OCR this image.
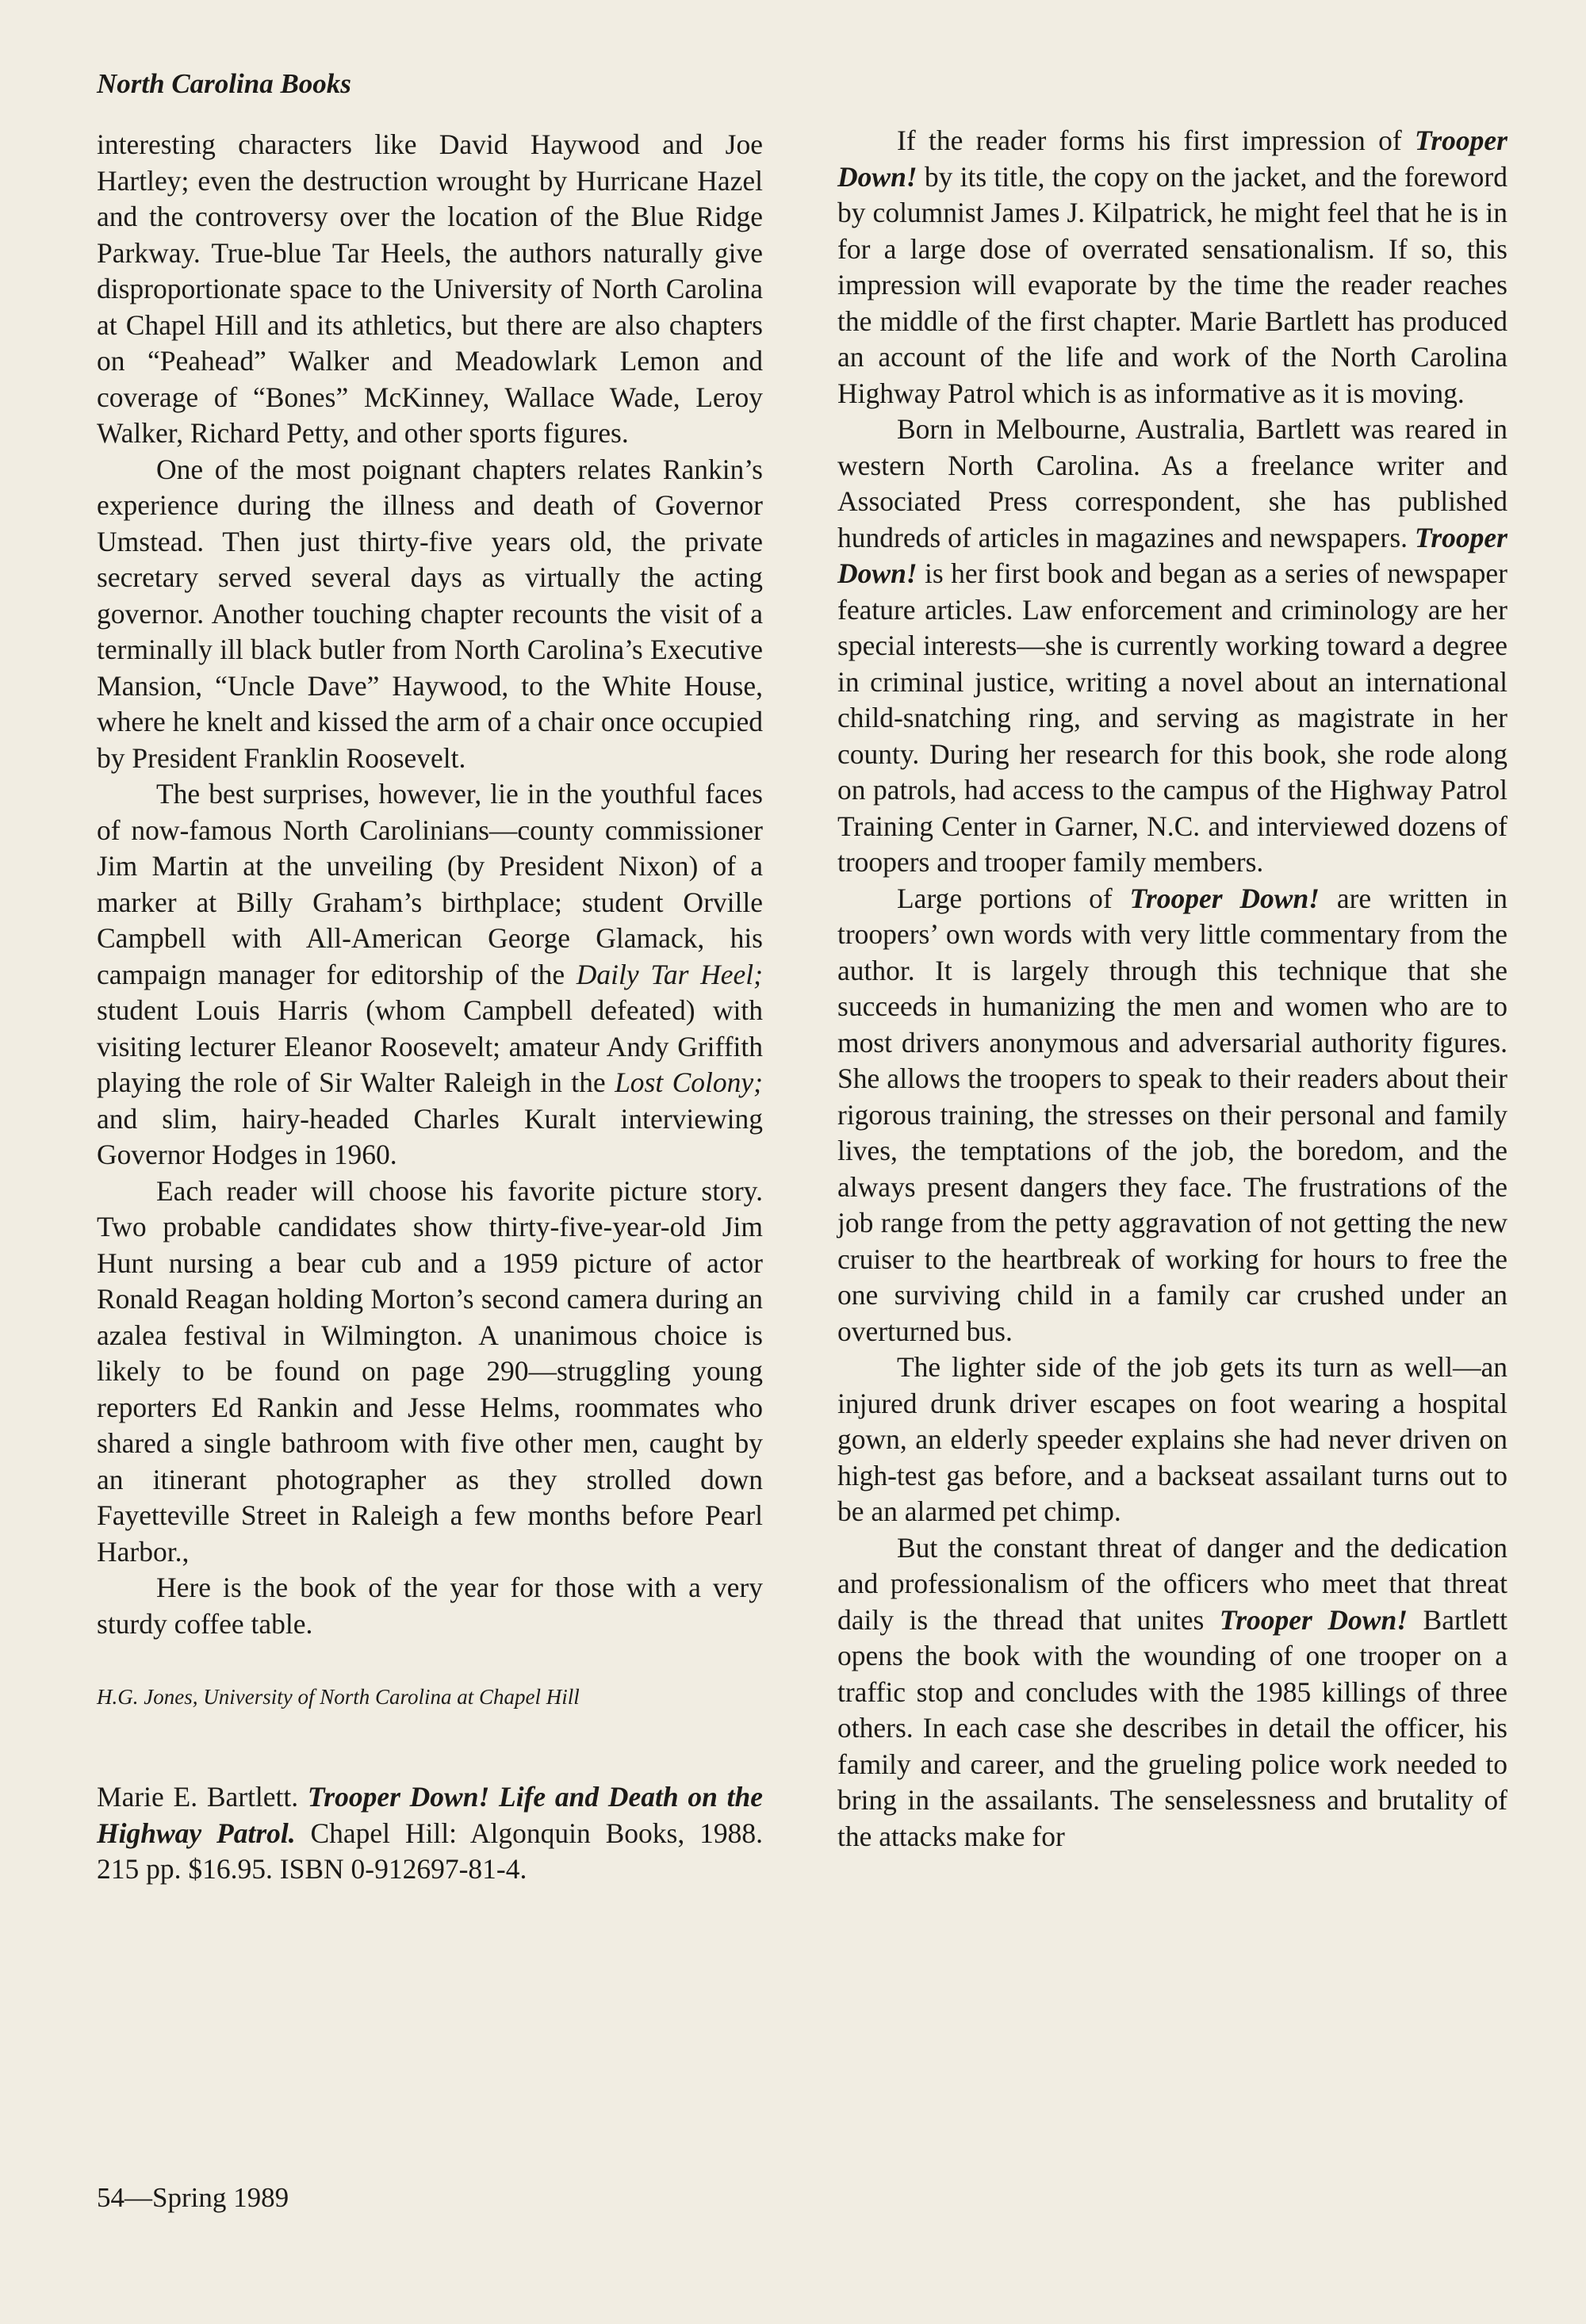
North Carolina Books

interesting characters like David Haywood and Joe Hartley; even the destruction wrought by Hurricane Hazel and the controversy over the location of the Blue Ridge Parkway. True-blue Tar Heels, the authors naturally give disproportionate space to the University of North Carolina at Chapel Hill and its athletics, but there are also chapters on “Peahead” Walker and Meadowlark Lemon and coverage of “Bones” McKinney, Wallace Wade, Leroy Walker, Richard Petty, and other sports figures.

One of the most poignant chapters relates Rankin’s experience during the illness and death of Governor Umstead. Then just thirty-five years old, the private secretary served several days as virtually the acting governor. Another touching chapter recounts the visit of a terminally ill black butler from North Carolina’s Executive Mansion, “Uncle Dave” Haywood, to the White House, where he knelt and kissed the arm of a chair once occupied by President Franklin Roosevelt.

The best surprises, however, lie in the youthful faces of now-famous North Carolinians—county commissioner Jim Martin at the unveiling (by President Nixon) of a marker at Billy Graham’s birthplace; student Orville Campbell with All-American George Glamack, his campaign manager for editorship of the Daily Tar Heel; student Louis Harris (whom Campbell defeated) with visiting lecturer Eleanor Roosevelt; amateur Andy Griffith playing the role of Sir Walter Raleigh in the Lost Colony; and slim, hairy-headed Charles Kuralt interviewing Governor Hodges in 1960.

Each reader will choose his favorite picture story. Two probable candidates show thirty-five-year-old Jim Hunt nursing a bear cub and a 1959 picture of actor Ronald Reagan holding Morton’s second camera during an azalea festival in Wilmington. A unanimous choice is likely to be found on page 290—struggling young reporters Ed Rankin and Jesse Helms, roommates who shared a single bathroom with five other men, caught by an itinerant photographer as they strolled down Fayetteville Street in Raleigh a few months before Pearl Harbor.,

Here is the book of the year for those with a very sturdy coffee table.

H.G. Jones, University of North Carolina at Chapel Hill

Marie E. Bartlett. Trooper Down! Life and Death on the Highway Patrol. Chapel Hill: Algonquin Books, 1988. 215 pp. $16.95. ISBN 0-912697-81-4.

If the reader forms his first impression of Trooper Down! by its title, the copy on the jacket, and the foreword by columnist James J. Kilpatrick, he might feel that he is in for a large dose of overrated sensationalism. If so, this impression will evaporate by the time the reader reaches the middle of the first chapter. Marie Bartlett has produced an account of the life and work of the North Carolina Highway Patrol which is as informative as it is moving.

Born in Melbourne, Australia, Bartlett was reared in western North Carolina. As a freelance writer and Associated Press correspondent, she has published hundreds of articles in magazines and newspapers. Trooper Down! is her first book and began as a series of newspaper feature articles. Law enforcement and criminology are her special interests—she is currently working toward a degree in criminal justice, writing a novel about an international child-snatching ring, and serving as magistrate in her county. During her research for this book, she rode along on patrols, had access to the campus of the Highway Patrol Training Center in Garner, N.C. and interviewed dozens of troopers and trooper family members.

Large portions of Trooper Down! are written in troopers’ own words with very little commentary from the author. It is largely through this technique that she succeeds in humanizing the men and women who are to most drivers anonymous and adversarial authority figures. She allows the troopers to speak to their readers about their rigorous training, the stresses on their personal and family lives, the temptations of the job, the boredom, and the always present dangers they face. The frustrations of the job range from the petty aggravation of not getting the new cruiser to the heartbreak of working for hours to free the one surviving child in a family car crushed under an overturned bus.

The lighter side of the job gets its turn as well—an injured drunk driver escapes on foot wearing a hospital gown, an elderly speeder explains she had never driven on high-test gas before, and a backseat assailant turns out to be an alarmed pet chimp.

But the constant threat of danger and the dedication and professionalism of the officers who meet that threat daily is the thread that unites Trooper Down! Bartlett opens the book with the wounding of one trooper on a traffic stop and concludes with the 1985 killings of three others. In each case she describes in detail the officer, his family and career, and the grueling police work needed to bring in the assailants. The senselessness and brutality of the attacks make for

54—Spring 1989
